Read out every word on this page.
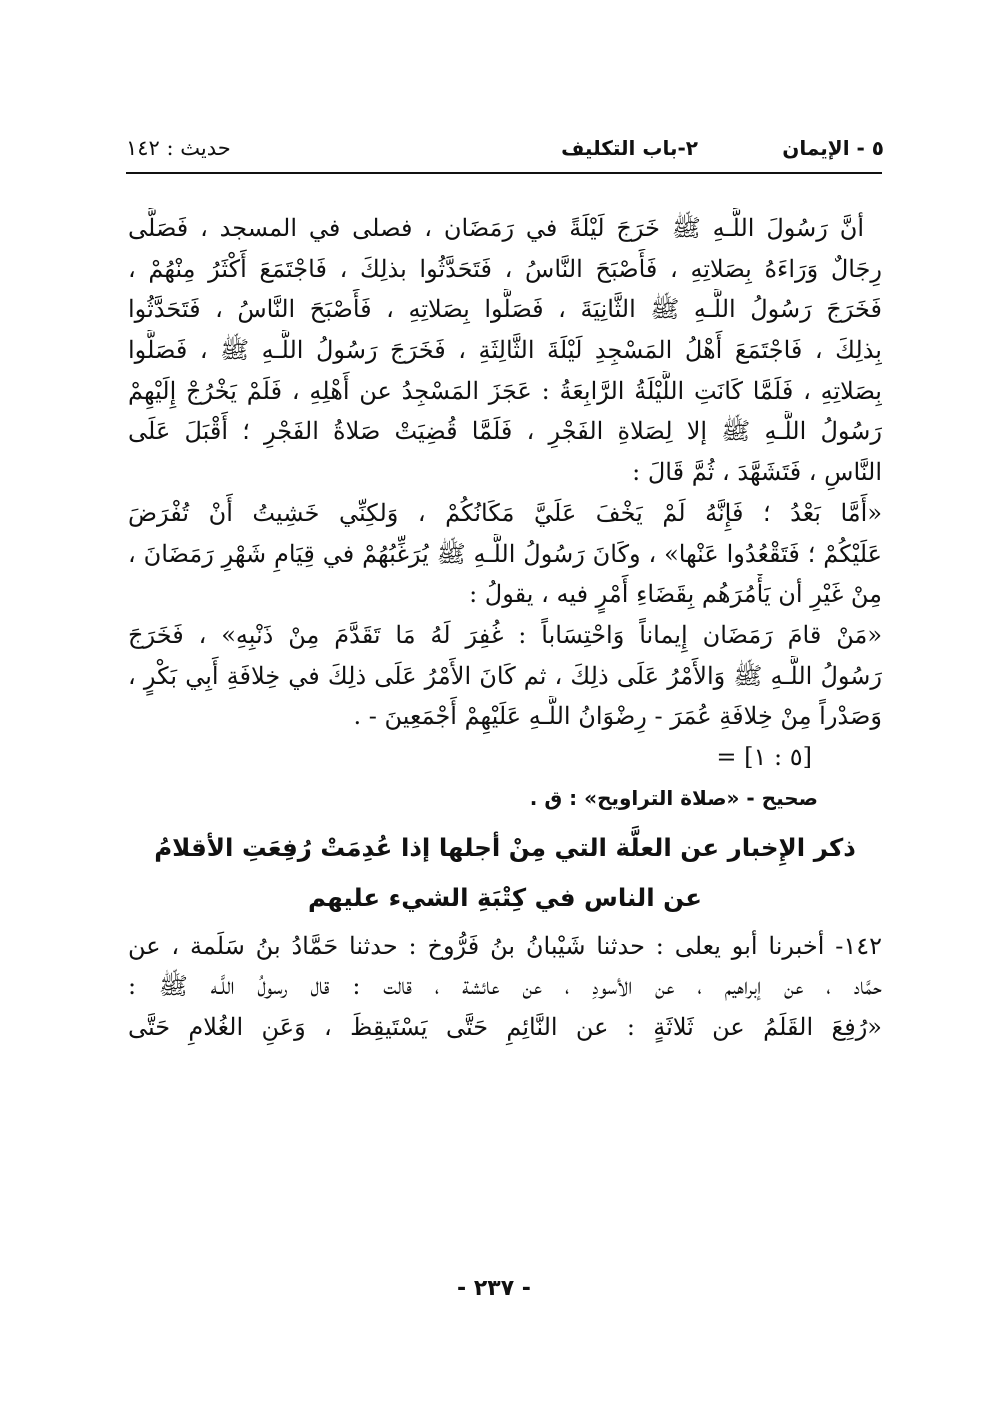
٥ - الإيمان
٢-باب التكليف
حديث : ١٤٢
أنَّ رَسُولَ اللَّـهِ ﷺ خَرَجَ لَيْلَةً في رَمَضَان ، فصلى في المسجد ، فَصَلَّى
رِجَالٌ وَرَاءَهُ بِصَلاتِهِ ، فَأَصْبَحَ النَّاسُ ، فَتَحَدَّثُوا بذلِكَ ، فَاجْتَمَعَ أَكْثَرُ مِنْهُمْ ،
فَخَرَجَ رَسُولُ اللَّـهِ ﷺ الثَّانِيَةَ ، فَصَلَّوا بِصَلاتِهِ ، فَأَصْبَحَ النَّاسُ ، فَتَحَدَّثُوا
بِذلِكَ ، فَاجْتَمَعَ أَهْلُ المَسْجِدِ لَيْلَةَ الثَّالِثَةِ ، فَخَرَجَ رَسُولُ اللَّـهِ ﷺ ، فَصَلَّوا
بِصَلاتِهِ ، فَلَمَّا كَانَتِ اللَّيْلَةُ الرَّابِعَةُ : عَجَزَ المَسْجِدُ عن أَهْلِهِ ، فَلَمْ يَخْرُجْ إِلَيْهِمْ
رَسُولُ اللَّـهِ ﷺ إلا لِصَلاةِ الفَجْرِ ، فَلَمَّا قُضِيَتْ صَلاةُ الفَجْرِ ؛ أَقْبَلَ عَلَى
النَّاسِ ، فَتَشَهَّدَ ، ثُمَّ قَالَ :
«أَمَّا بَعْدُ ؛ فَإِنَّهُ لَمْ يَخْفَ عَلَيَّ مَكَانُكُمْ ، وَلكِنِّي خَشِيتُ أَنْ تُفْرَضَ
عَلَيْكُمْ ؛ فَتَقْعُدُوا عَنْها» ، وكَانَ رَسُولُ اللَّـهِ ﷺ يُرَغِّبُهُمْ في قِيَامِ شَهْرِ رَمَضَانَ ،
مِنْ غَيْرِ أن يَأْمُرَهُم بِقَضَاءِ أَمْرٍ فيه ، يقولُ :
«مَنْ قامَ رَمَضَان إِيماناً وَاحْتِسَاباً : غُفِرَ لَهُ مَا تَقَدَّمَ مِنْ ذَنْبِهِ» ، فَخَرَجَ
رَسُولُ اللَّـهِ ﷺ وَالأَمْرُ عَلَى ذلِكَ ، ثم كَانَ الأَمْرُ عَلَى ذلِكَ في خِلافَةِ أَبِي بَكْرٍ ،
وَصَدْراً مِنْ خِلافَةِ عُمَرَ - رِضْوَانُ اللَّـهِ عَلَيْهِمْ أَجْمَعِينَ - .
= [٥ : ١]
صحيح - «صلاة التراويح» : ق .
ذكر الإِخبار عن العلَّة التي مِنْ أجلها إذا عُدِمَتْ رُفِعَتِ الأقلامُ
عن الناس في كِتْبَةِ الشيء عليهم
١٤٢- أخبرنا أبو يعلى : حدثنا شَيْبانُ بنُ فَرُّوخ : حدثنا حَمَّادُ بنُ سَلَمة ، عن
حمَّاد ، عن إبراهيم ، عن الأسودِ ، عن عائشة ، قالت : قال رسولُ اللَّـه ﷺ :
«رُفِعَ القَلَمُ عن ثَلاثَةٍ : عن النَّائِمِ حَتَّى يَسْتَيقِظَ ، وَعَنِ الغُلامِ حَتَّى
- ٢٣٧ -
